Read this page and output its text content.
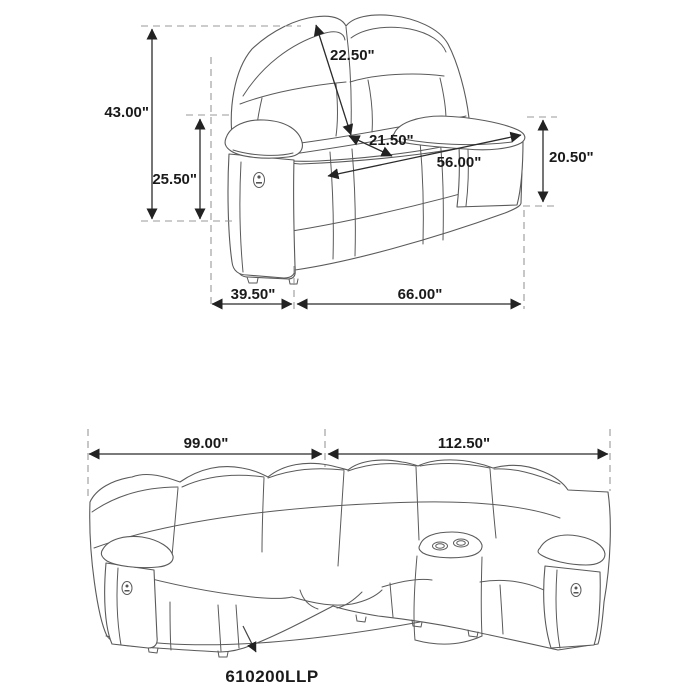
43.00"
25.50"
22.50"
21.50"
56.00"	20.50"
39.50"	66.00"
99.00"	112.50"
610200LLP
